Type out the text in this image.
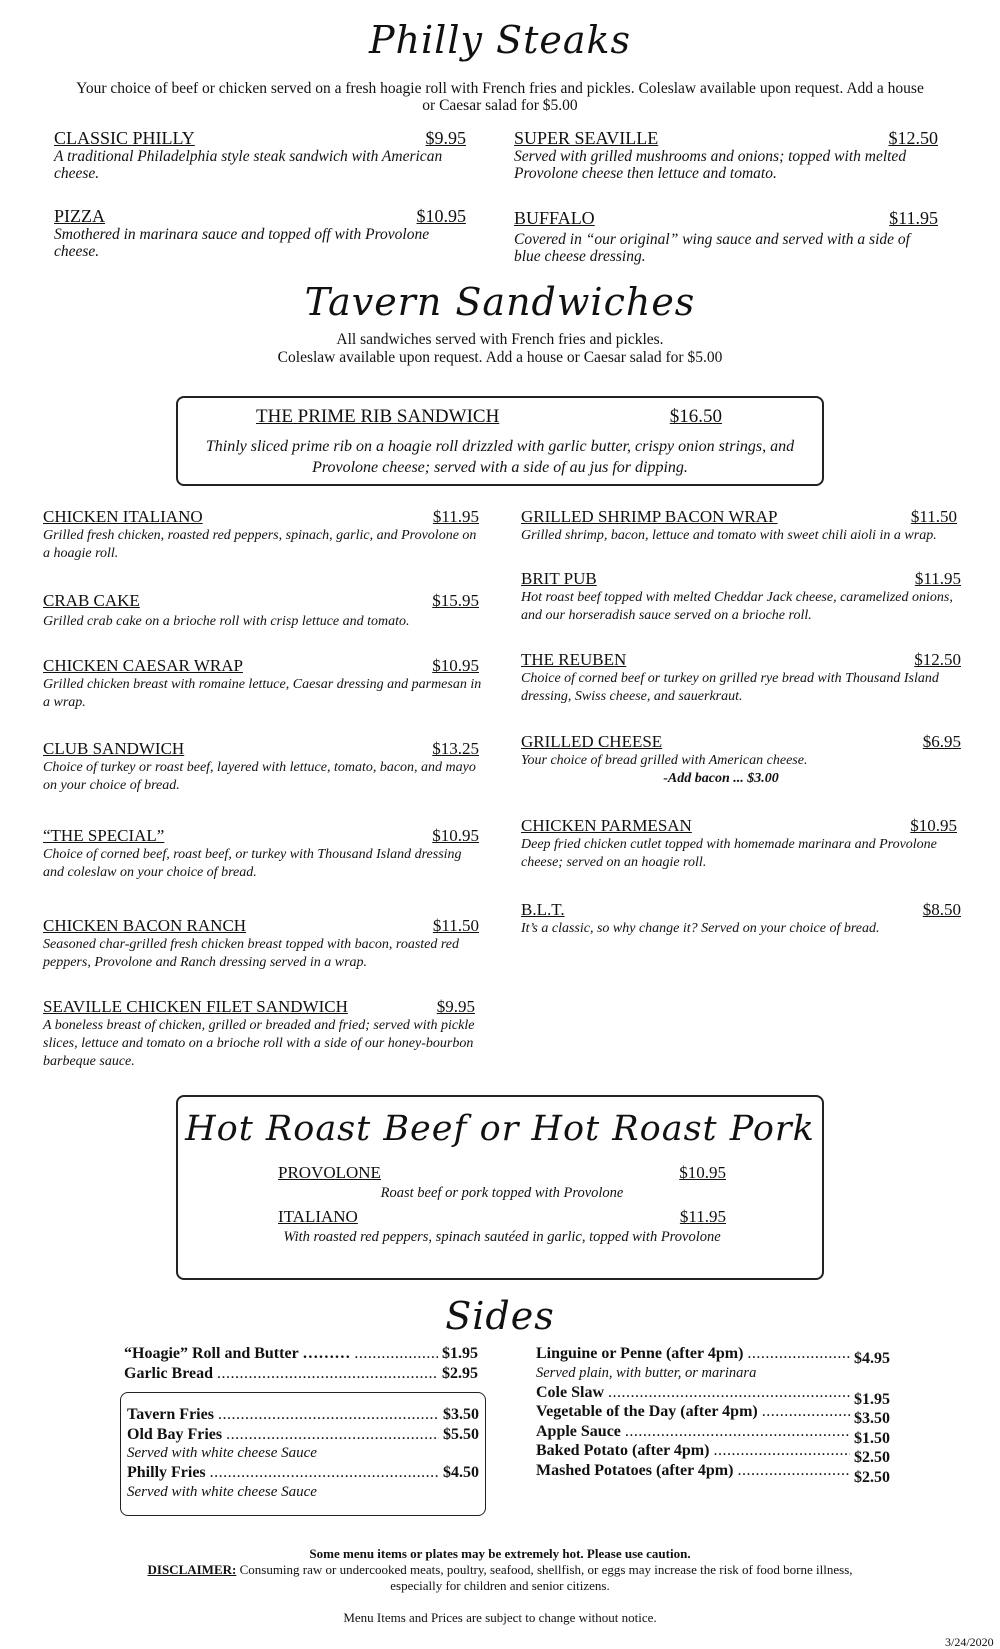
Philly Steaks
Your choice of beef or chicken served on a fresh hoagie roll with French fries and pickles. Coleslaw available upon request. Add a house or Caesar salad for $5.00
CLASSIC PHILLY	$9.95
A traditional Philadelphia style steak sandwich with American cheese.
SUPER SEAVILLE	$12.50
Served with grilled mushrooms and onions; topped with melted Provolone cheese then lettuce and tomato.
PIZZA	$10.95
Smothered in marinara sauce and topped off with Provolone cheese.
BUFFALO	$11.95
Covered in “our original” wing sauce and served with a side of blue cheese dressing.
Tavern Sandwiches
All sandwiches served with French fries and pickles.
Coleslaw available upon request. Add a house or Caesar salad for $5.00
THE PRIME RIB SANDWICH	$16.50
Thinly sliced prime rib on a hoagie roll drizzled with garlic butter, crispy onion strings, and Provolone cheese; served with a side of au jus for dipping.
CHICKEN ITALIANO	$11.95
Grilled fresh chicken, roasted red peppers, spinach, garlic, and Provolone on a hoagie roll.
CRAB CAKE	$15.95
Grilled crab cake on a brioche roll with crisp lettuce and tomato.
CHICKEN CAESAR WRAP	$10.95
Grilled chicken breast with romaine lettuce, Caesar dressing and parmesan in a wrap.
CLUB SANDWICH	$13.25
Choice of turkey or roast beef, layered with lettuce, tomato, bacon, and mayo on your choice of bread.
“THE SPECIAL”	$10.95
Choice of corned beef, roast beef, or turkey with Thousand Island dressing and coleslaw on your choice of bread.
CHICKEN BACON RANCH	$11.50
Seasoned char-grilled fresh chicken breast topped with bacon, roasted red peppers, Provolone and Ranch dressing served in a wrap.
SEAVILLE CHICKEN FILET SANDWICH	$9.95
A boneless breast of chicken, grilled or breaded and fried; served with pickle slices, lettuce and tomato on a brioche roll with a side of our honey-bourbon barbeque sauce.
GRILLED SHRIMP BACON WRAP	$11.50
Grilled shrimp, bacon, lettuce and tomato with sweet chili aioli in a wrap.
BRIT PUB	$11.95
Hot roast beef topped with melted Cheddar Jack cheese, caramelized onions, and our horseradish sauce served on a brioche roll.
THE REUBEN	$12.50
Choice of corned beef or turkey on grilled rye bread with Thousand Island dressing, Swiss cheese, and sauerkraut.
GRILLED CHEESE	$6.95
Your choice of bread grilled with American cheese.
-Add bacon ... $3.00
CHICKEN PARMESAN	$10.95
Deep fried chicken cutlet topped with homemade marinara and Provolone cheese; served on an hoagie roll.
B.L.T.	$8.50
It’s a classic, so why change it? Served on your choice of bread.
Hot Roast Beef or Hot Roast Pork
PROVOLONE	$10.95
Roast beef or pork topped with Provolone
ITALIANO	$11.95
With roasted red peppers, spinach sautéed in garlic, topped with Provolone
Sides
“Hoagie” Roll and Butter ……… .....	$1.95
Garlic Bread .....	$2.95
Tavern Fries .....	$3.50
Old Bay Fries .....	$5.50
Served with white cheese Sauce
Philly Fries .....	$4.50
Served with white cheese Sauce
Linguine or Penne (after 4pm) .....	$4.95
Served plain, with butter, or marinara
Cole Slaw .....	$1.95
Vegetable of the Day (after 4pm) .....	$3.50
Apple Sauce .....	$1.50
Baked Potato (after 4pm) .....	$2.50
Mashed Potatoes (after 4pm) .....	$2.50
Some menu items or plates may be extremely hot. Please use caution.
DISCLAIMER: Consuming raw or undercooked meats, poultry, seafood, shellfish, or eggs may increase the risk of food borne illness,
especially for children and senior citizens.
Menu Items and Prices are subject to change without notice.
3/24/2020
